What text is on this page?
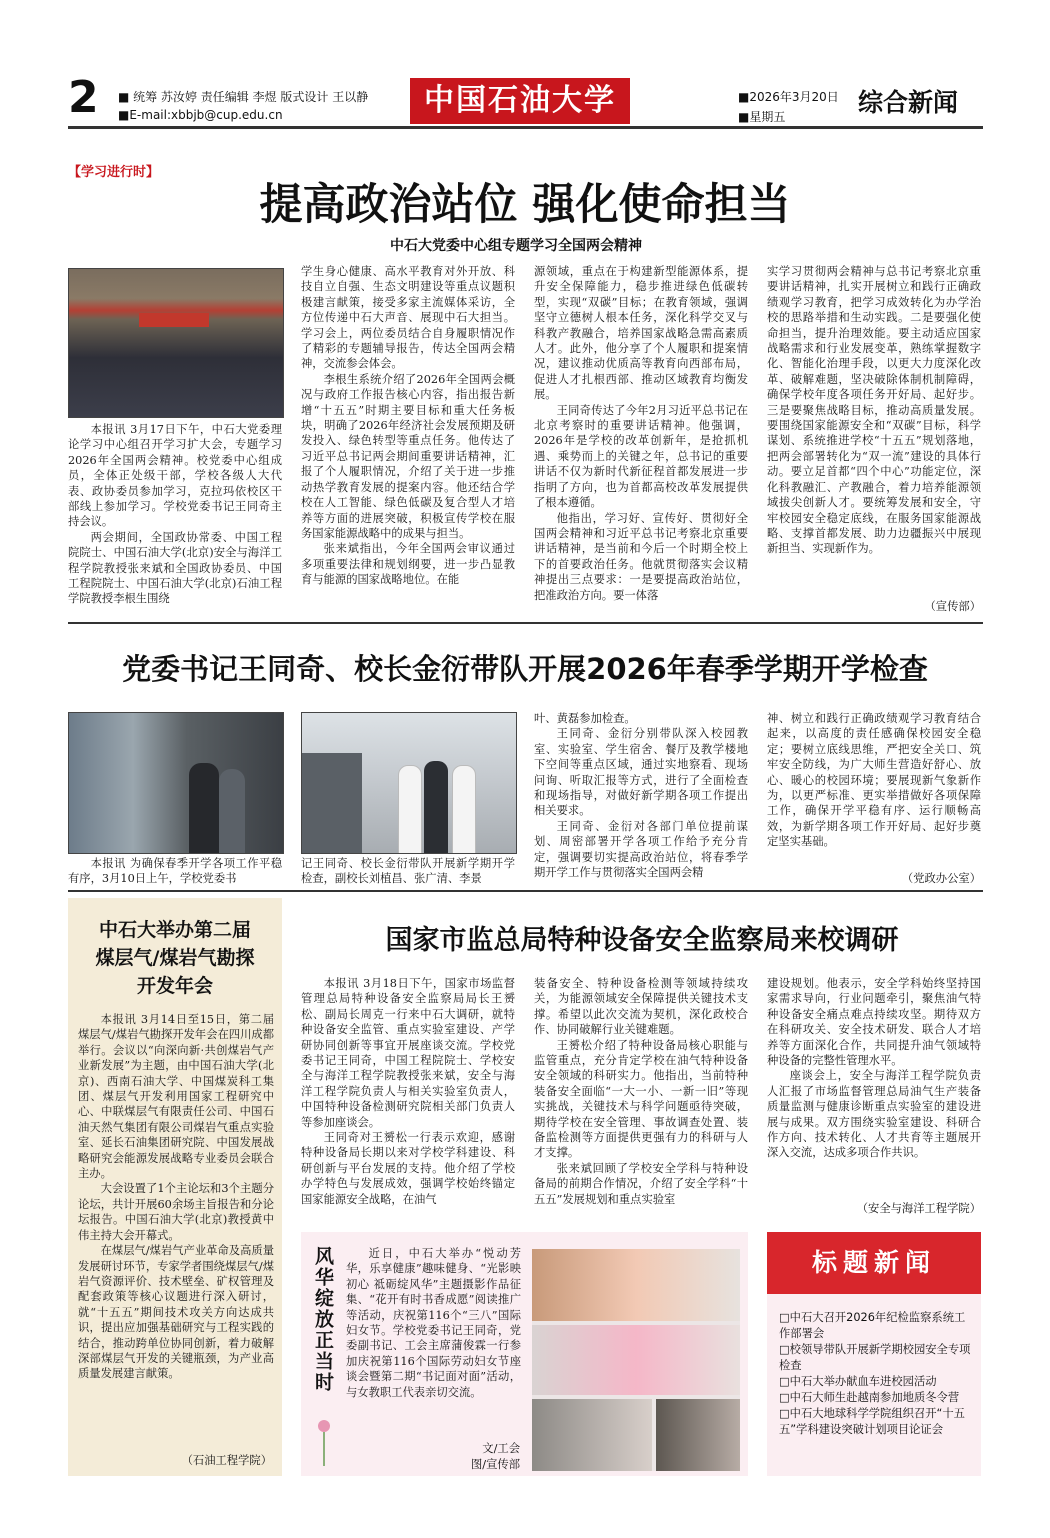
2 ■ 统筹 苏汝婷 责任编辑 李煜 版式设计 王以静
■E-mail:xbbjb@cup.edu.cn	中国石油大学	■2026年3月20日
■星期五	综合新闻
【学习进行时】
提高政治站位 强化使命担当
中石大党委中心组专题学习全国两会精神

本报讯 3月17日下午，中石大党委理论学习中心组召开学习扩大会，专题学习2026年全国两会精神。校党委中心组成员，全体正处级干部，学校各级人大代表、政协委员参加学习，克拉玛依校区干部线上参加学习。学校党委书记王同奇主持会议。

两会期间，全国政协常委、中国工程院院士、中国石油大学(北京)安全与海洋工程学院教授张来斌和全国政协委员、中国工程院院士、中国石油大学(北京)石油工程学院教授李根生围绕

学生身心健康、高水平教育对外开放、科技自立自强、生态文明建设等重点议题积极建言献策，接受多家主流媒体采访，全方位传递中石大声音、展现中石大担当。学习会上，两位委员结合自身履职情况作了精彩的专题辅导报告，传达全国两会精神，交流参会体会。

李根生系统介绍了2026年全国两会概况与政府工作报告核心内容，指出报告新增“十五五”时期主要目标和重大任务板块，明确了2026年经济社会发展预期及研发投入、绿色转型等重点任务。他传达了习近平总书记两会期间重要讲话精神，汇报了个人履职情况，介绍了关于进一步推动热学教育发展的提案内容。他还结合学校在人工智能、绿色低碳及复合型人才培养等方面的进展突破，积极宣传学校在服务国家能源战略中的成果与担当。

张来斌指出，今年全国两会审议通过多项重要法律和规划纲要，进一步凸显教育与能源的国家战略地位。在能

源领域，重点在于构建新型能源体系，提升安全保障能力，稳步推进绿色低碳转型，实现“双碳”目标；在教育领域，强调坚守立德树人根本任务，深化科学交叉与科教产教融合，培养国家战略急需高素质人才。此外，他分享了个人履职和提案情况，建议推动优质高等教育向西部布局，促进人才扎根西部、推动区域教育均衡发展。

王同奇传达了今年2月习近平总书记在北京考察时的重要讲话精神。他强调，2026年是学校的改革创新年，是抢抓机遇、乘势而上的关键之年，总书记的重要讲话不仅为新时代新征程首都发展进一步指明了方向，也为首都高校改革发展提供了根本遵循。

他指出，学习好、宣传好、贯彻好全国两会精神和习近平总书记考察北京重要讲话精神，是当前和今后一个时期全校上下的首要政治任务。他就贯彻落实会议精神提出三点要求：一是要提高政治站位，把准政治方向。要一体落

实学习贯彻两会精神与总书记考察北京重要讲话精神，扎实开展树立和践行正确政绩观学习教育，把学习成效转化为办学治校的思路举措和生动实践。二是要强化使命担当，提升治理效能。要主动适应国家战略需求和行业发展变革，熟练掌握数字化、智能化治理手段，以更大力度深化改革、破解难题，坚决破除体制机制障碍，确保学校年度各项任务开好局、起好步。三是要聚焦战略目标，推动高质量发展。要围绕国家能源安全和“双碳”目标，科学谋划、系统推进学校“十五五”规划落地，把两会部署转化为“双一流”建设的具体行动。要立足首都“四个中心”功能定位，深化科教融汇、产教融合，着力培养能源领域拔尖创新人才。要统筹发展和安全，守牢校园安全稳定底线，在服务国家能源战略、支撑首都发展、助力边疆振兴中展现新担当、实现新作为。

（宣传部）
党委书记王同奇、校长金衍带队开展2026年春季学期开学检查

本报讯 为确保春季开学各项工作平稳有序，3月10日上午，学校党委书

记王同奇、校长金衍带队开展新学期开学检查，副校长刘植昌、张广清、李景

叶、黄磊参加检查。

王同奇、金衍分别带队深入校园教室、实验室、学生宿舍、餐厅及教学楼地下空间等重点区域，通过实地察看、现场问询、听取汇报等方式，进行了全面检查和现场指导，对做好新学期各项工作提出相关要求。

王同奇、金衍对各部门单位提前谋划、周密部署开学各项工作给予充分肯定，强调要切实提高政治站位，将春季学期开学工作与贯彻落实全国两会精

神、树立和践行正确政绩观学习教育结合起来，以高度的责任感确保校园安全稳定；要树立底线思维，严把安全关口、筑牢安全防线，为广大师生营造好舒心、放心、暖心的校园环境；要展现新气象新作为，以更严标准、更实举措做好各项保障工作，确保开学平稳有序、运行顺畅高效，为新学期各项工作开好局、起好步奠定坚实基础。

（党政办公室）
中石大举办第二届
煤层气/煤岩气勘探
开发年会

本报讯 3月14日至15日，第二届煤层气/煤岩气勘探开发年会在四川成都举行。会议以“向深向新·共创煤岩气产业新发展”为主题，由中国石油大学(北京)、西南石油大学、中国煤炭科工集团、煤层气开发利用国家工程研究中心、中联煤层气有限责任公司、中国石油天然气集团有限公司煤岩气重点实验室、延长石油集团研究院、中国发展战略研究会能源发展战略专业委员会联合主办。

大会设置了1个主论坛和3个主题分论坛，共计开展60余场主旨报告和分论坛报告。中国石油大学(北京)教授黄中伟主持大会开幕式。

在煤层气/煤岩气产业革命及高质量发展研讨环节，专家学者围绕煤层气/煤岩气资源评价、技术壁垒、矿权管理及配套政策等核心议题进行深入研讨，就“十五五”期间技术攻关方向达成共识，提出应加强基础研究与工程实践的结合，推动跨单位协同创新，着力破解深部煤层气开发的关键瓶颈，为产业高质量发展建言献策。

（石油工程学院）
国家市监总局特种设备安全监察局来校调研

本报讯 3月18日下午，国家市场监督管理总局特种设备安全监察局局长王赟松、副局长周克一行来中石大调研，就特种设备安全监管、重点实验室建设、产学研协同创新等事宜开展座谈交流。学校党委书记王同奇，中国工程院院士、学校安全与海洋工程学院教授张来斌，安全与海洋工程学院负责人与相关实验室负责人，中国特种设备检测研究院相关部门负责人等参加座谈会。

王同奇对王赟松一行表示欢迎，感谢特种设备局长期以来对学校学科建设、科研创新与平台发展的支持。他介绍了学校办学特色与发展成效，强调学校始终锚定国家能源安全战略，在油气

装备安全、特种设备检测等领域持续攻关，为能源领域安全保障提供关键技术支撑。希望以此次交流为契机，深化政校合作、协同破解行业关键难题。

王赟松介绍了特种设备局核心职能与监管重点，充分肯定学校在油气特种设备安全领域的科研实力。他指出，当前特种装备安全面临“一大一小、一新一旧”等现实挑战，关键技术与科学问题亟待突破，期待学校在安全管理、事故调查处置、装备监检测等方面提供更强有力的科研与人才支撑。

张来斌回顾了学校安全学科与特种设备局的前期合作情况，介绍了安全学科“十五五”发展规划和重点实验室

建设规划。他表示，安全学科始终坚持国家需求导向，行业问题牵引，聚焦油气特种设备安全痛点难点持续攻坚。期待双方在科研攻关、安全技术研发、联合人才培养等方面深化合作，共同提升油气领域特种设备的完整性管理水平。

座谈会上，安全与海洋工程学院负责人汇报了市场监督管理总局油气生产装备质量监测与健康诊断重点实验室的建设进展与成果。双方围绕实验室建设、科研合作方向、技术转化、人才共育等主题展开深入交流，达成多项合作共识。

（安全与海洋工程学院）
风华绽放正当时	近日，中石大举办“悦动芳华，乐享健康”趣味健身、“光影映初心 祗砺绽风华”主题摄影作品征集、“花开有时书香成愿”阅读推广等活动，庆祝第116个“三八”国际妇女节。学校党委书记王同奇，党委副书记、工会主席蒲俊霖一行参加庆祝第116个国际劳动妇女节座谈会暨第二期“书记面对面”活动，与女教职工代表亲切交流。

文/工会
图/宣传部
标题新闻
□中石大召开2026年纪检监察系统工作部署会
□校领导带队开展新学期校园安全专项检查
□中石大举办献血车进校园活动
□中石大师生赴越南参加地质冬令营
□中石大地球科学学院组织召开“十五五”学科建设突破计划项目论证会
